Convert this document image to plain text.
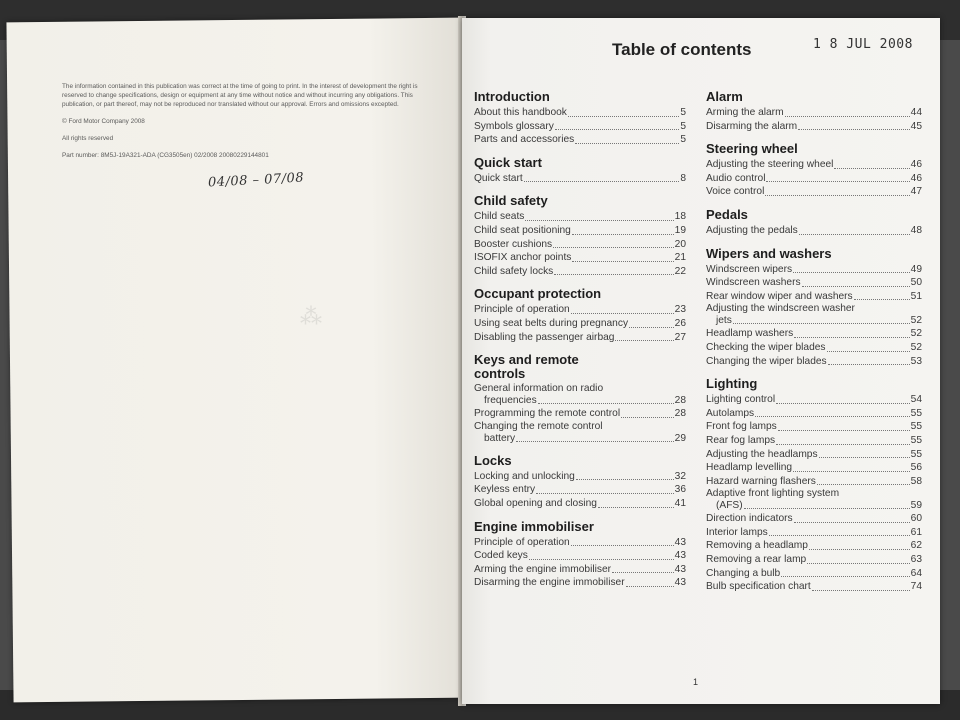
The information contained in this publication was correct at the time of going to print. In the interest of development the right is reserved to change specifications, design or equipment at any time without notice and without incurring any obligations. This publication, or part thereof, may not be reproduced nor translated without our approval. Errors and omissions excepted.

© Ford Motor Company 2008

All rights reserved

Part number: 8M5J-19A321-ADA (CG3505en) 02/2008 20080229144801

04/08 – 07/08
⁂
Table of contents	1 8 JUL 2008
Introduction
About this handbook	5
Symbols glossary	5
Parts and accessories	5
Quick start
Quick start	8
Child safety
Child seats	18
Child seat positioning	19
Booster cushions	20
ISOFIX anchor points	21
Child safety locks	22
Occupant protection
Principle of operation	23
Using seat belts during pregnancy	26
Disabling the passenger airbag	27
Keys and remote
controls
General information on radio
frequencies	28
Programming the remote control	28
Changing the remote control
battery	29
Locks
Locking and unlocking	32
Keyless entry	36
Global opening and closing	41
Engine immobiliser
Principle of operation	43
Coded keys	43
Arming the engine immobiliser	43
Disarming the engine immobiliser	43
Alarm
Arming the alarm	44
Disarming the alarm	45
Steering wheel
Adjusting the steering wheel	46
Audio control	46
Voice control	47
Pedals
Adjusting the pedals	48
Wipers and washers
Windscreen wipers	49
Windscreen washers	50
Rear window wiper and washers	51
Adjusting the windscreen washer
jets	52
Headlamp washers	52
Checking the wiper blades	52
Changing the wiper blades	53
Lighting
Lighting control	54
Autolamps	55
Front fog lamps	55
Rear fog lamps	55
Adjusting the headlamps	55
Headlamp levelling	56
Hazard warning flashers	58
Adaptive front lighting system
(AFS)	59
Direction indicators	60
Interior lamps	61
Removing a headlamp	62
Removing a rear lamp	63
Changing a bulb	64
Bulb specification chart	74
1
